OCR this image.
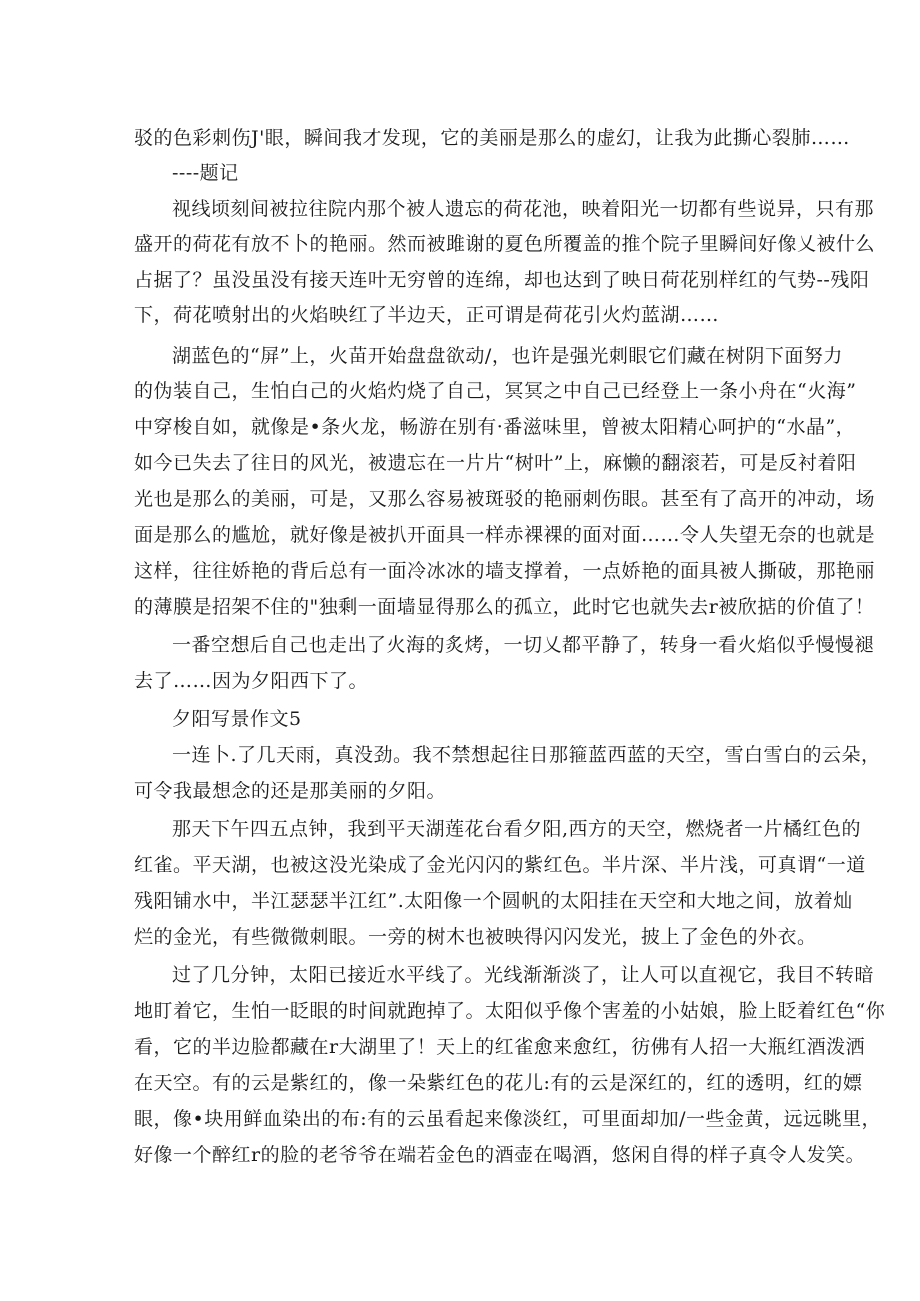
驳的色彩刺伤J'眼，瞬间我才发现，它的美丽是那么的虚幻，让我为此撕心裂肺……
----题记
视线顷刻间被拉往院内那个被人遗忘的荷花池，映着阳光一切都有些说异，只有那
盛开的荷花有放不卜的艳丽。然而被雎谢的夏色所覆盖的推个院子里瞬间好像乂被什么
占据了？虽没虽没有接天连叶无穷曾的连绵，却也达到了映日荷花别样红的气势--残阳
下，荷花喷射出的火焰映红了半边天，正可谓是荷花引火灼蓝湖……
湖蓝色的“屏”上，火苗开始盘盘欲动/，也许是强光刺眼它们藏在树阴下面努力
的伪装自己，生怕白己的火焰灼烧了自己，冥冥之中自己已经登上一条小舟在“火海”
中穿梭自如，就像是•条火龙，畅游在别有·番滋味里，曾被太阳精心呵护的“水晶”，
如今已失去了往日的风光，被遗忘在一片片“树叶”上，麻懒的翻滚若，可是反衬着阳
光也是那么的美丽，可是，又那么容易被斑驳的艳丽刺伤眼。甚至有了高开的冲动，场
面是那么的尴尬，就好像是被扒开面具一样赤裸裸的面对面……令人失望无奈的也就是
这样，往往娇艳的背后总有一面冷冰冰的墙支撑着，一点娇艳的面具被人撕破，那艳丽
的薄膜是招架不住的"独剩一面墙显得那么的孤立，此时它也就失去r被欣掂的价值了！
一番空想后自己也走出了火海的炙烤，一切乂都平静了，转身一看火焰似乎慢慢褪
去了……因为夕阳西下了。
夕阳写景作文5
一连卜.了几天雨，真没劲。我不禁想起往日那箍蓝西蓝的天空，雪白雪白的云朵，
可令我最想念的还是那美丽的夕阳。
那天下午四五点钟，我到平天湖莲花台看夕阳,西方的天空，燃烧者一片橘红色的
红雀。平天湖，也被这没光染成了金光闪闪的紫红色。半片深、半片浅，可真谓“一道
残阳铺水中，半江瑟瑟半江红”.太阳像一个圆帆的太阳挂在天空和大地之间，放着灿
烂的金光，有些微微刺眼。一旁的树木也被映得闪闪发光，披上了金色的外衣。
过了几分钟，太阳已接近水平线了。光线渐渐淡了，让人可以直视它，我目不转暗
地盯着它，生怕一眨眼的时间就跑掉了。太阳似乎像个害羞的小姑娘，脸上眨着红色“你
看，它的半边脸都藏在r大湖里了！天上的红雀愈来愈红，彷佛有人招一大瓶红酒泼洒
在天空。有的云是紫红的，像一朵紫红色的花儿:有的云是深红的，红的透明，红的嫖
眼，像•块用鲜血染出的布:有的云虽看起来像淡红，可里面却加/一些金黄，远远眺里，
好像一个醉红r的脸的老爷爷在端若金色的酒壶在喝酒，悠闲自得的样子真令人发笑。
